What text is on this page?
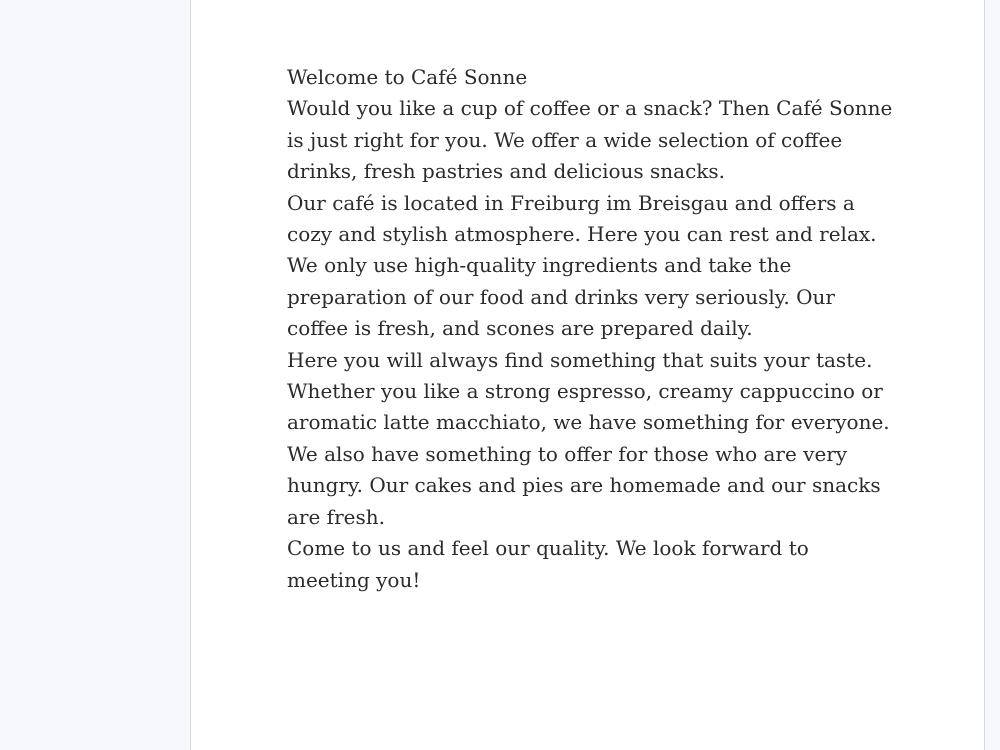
Welcome to Café Sonne

Would you like a cup of coffee or a snack? Then Café Sonne is just right for you. We offer a wide selection of coffee drinks, fresh pastries and delicious snacks.

Our café is located in Freiburg im Breisgau and offers a cozy and stylish atmosphere. Here you can rest and relax.

We only use high-quality ingredients and take the preparation of our food and drinks very seriously. Our coffee is fresh, and scones are prepared daily.

Here you will always find something that suits your taste. Whether you like a strong espresso, creamy cappuccino or aromatic latte macchiato, we have something for everyone.

We also have something to offer for those who are very hungry. Our cakes and pies are homemade and our snacks are fresh.

Come to us and feel our quality. We look forward to meeting you!
